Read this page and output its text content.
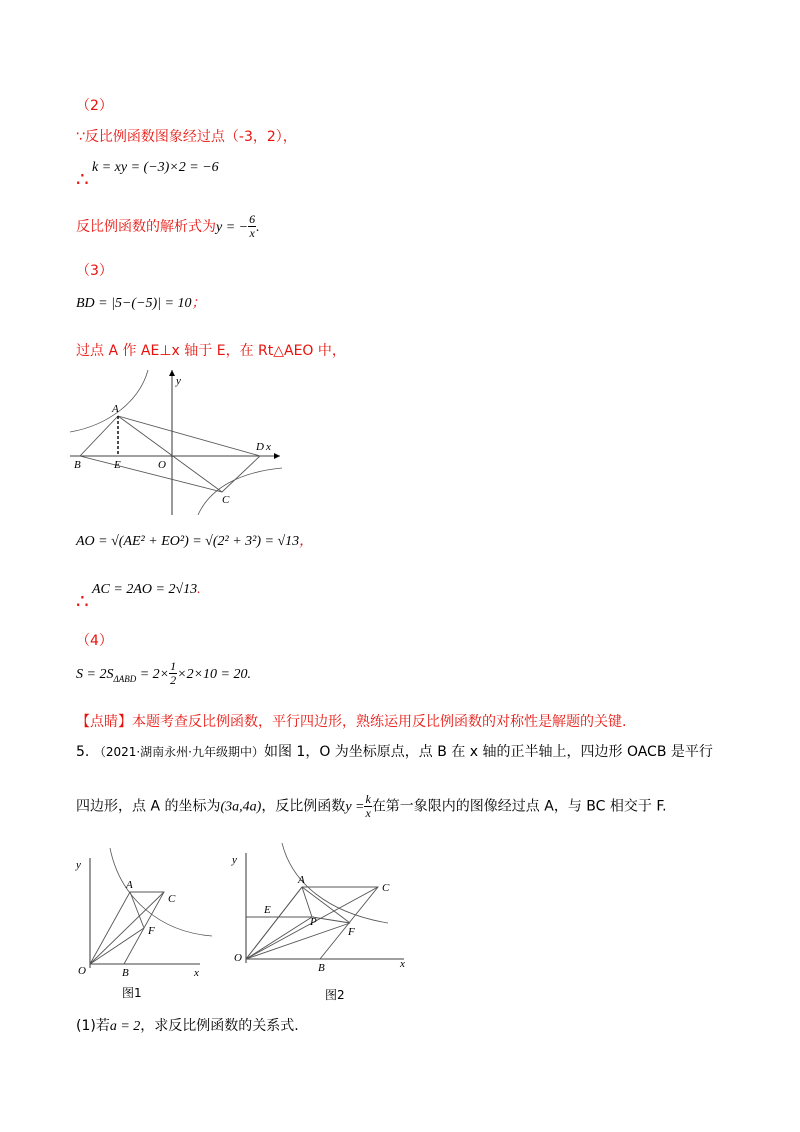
（2）
∵反比例函数图象经过点（-3，2），
k = xy = (−3)×2 = −6
∴
反比例函数的解析式为y = − $\frac{6}{x}$ .
（3）
BD = |5−(−5)| = 10；
过点 A 作 AE⊥x 轴于 E，在 Rt△AEO 中，
A
B
C
D
E	O
x
y
AO = √(AE² + EO²) = √(2² + 3²) = √13，
AC = 2AO = 2√13.
∴
（4）
$S = 2S_{\Delta ABD} = 2\times \frac{1}{2} \times 2\times 10 = 20$.
【点睛】本题考查反比例函数，平行四边形，熟练运用反比例函数的对称性是解题的关键.
5. （2021·湖南永州·九年级期中）如图 1，O 为坐标原点，点 B 在 x 轴的正半轴上，四边形 OACB 是平行
四边形，点 A 的坐标为(3a,4a)，反比例函数$y = \frac{k}{x}$ 在第一象限内的图像经过点 A，与 BC 相交于 F.
A
C
F
O	B	x
y
图1
A
C
E
P
F
O
B	x
y
图2
(1)若a = 2，求反比例函数的关系式.
